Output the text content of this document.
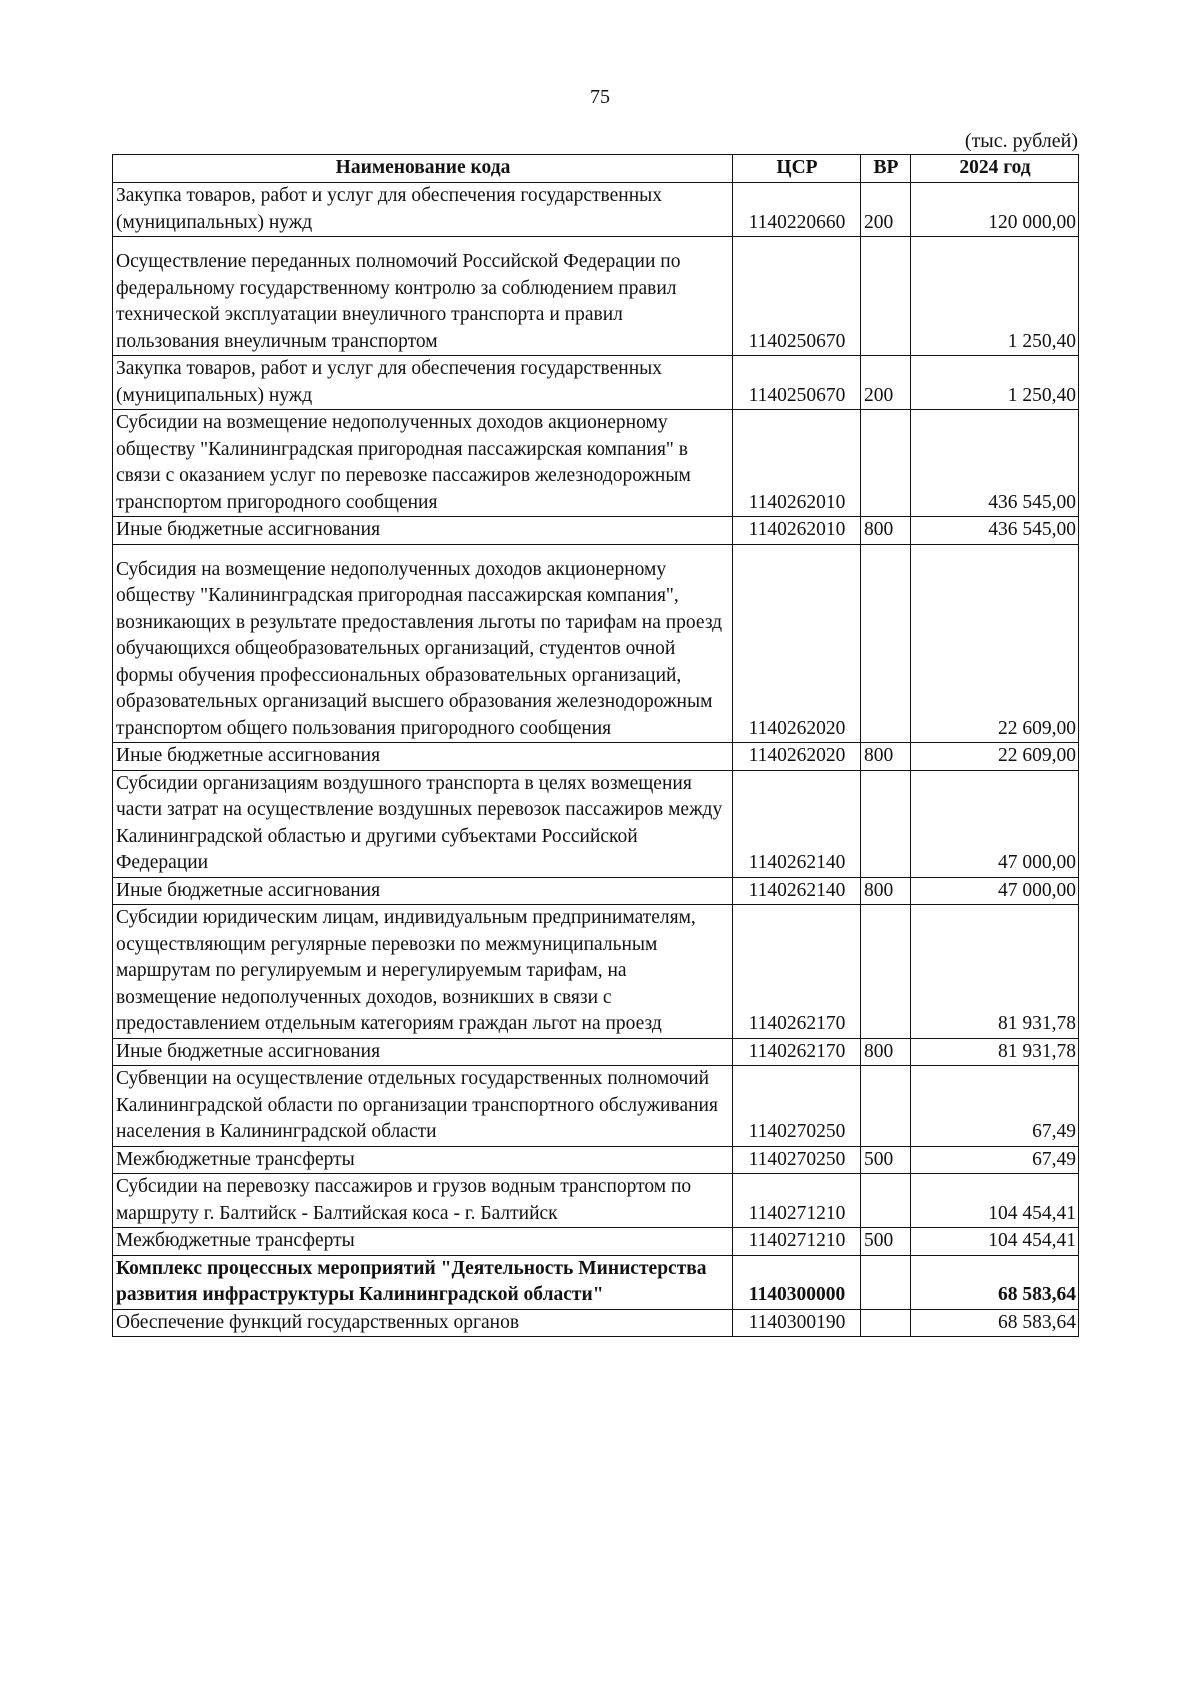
75
(тыс. рублей)
Наименование кода	ЦСР	ВР	2024 год
Закупка товаров, работ и услуг для обеспечения государственных (муниципальных) нужд	1140220660	200	120 000,00
Осуществление переданных полномочий Российской Федерации по федеральному государственному контролю за соблюдением правил технической эксплуатации внеуличного транспорта и правил пользования внеуличным транспортом	1140250670		1 250,40
Закупка товаров, работ и услуг для обеспечения государственных (муниципальных) нужд	1140250670	200	1 250,40
Субсидии на возмещение недополученных доходов акционерному обществу "Калининградская пригородная пассажирская компания" в связи с оказанием услуг по перевозке пассажиров железнодорожным транспортом пригородного сообщения	1140262010		436 545,00
Иные бюджетные ассигнования	1140262010	800	436 545,00
Субсидия на возмещение недополученных доходов акционерному обществу "Калининградская пригородная пассажирская компания", возникающих в результате предоставления льготы по тарифам на проезд обучающихся общеобразовательных организаций, студентов очной формы обучения профессиональных образовательных организаций, образовательных организаций высшего образования железнодорожным транспортом общего пользования пригородного сообщения	1140262020		22 609,00
Иные бюджетные ассигнования	1140262020	800	22 609,00
Субсидии организациям воздушного транспорта в целях возмещения части затрат на осуществление воздушных перевозок пассажиров между Калининградской областью и другими субъектами Российской Федерации	1140262140		47 000,00
Иные бюджетные ассигнования	1140262140	800	47 000,00
Субсидии юридическим лицам, индивидуальным предпринимателям, осуществляющим регулярные перевозки по межмуниципальным маршрутам по регулируемым и нерегулируемым тарифам, на возмещение недополученных доходов, возникших в связи с предоставлением отдельным категориям граждан льгот на проезд	1140262170		81 931,78
Иные бюджетные ассигнования	1140262170	800	81 931,78
Субвенции на осуществление отдельных государственных полномочий Калининградской области по организации транспортного обслуживания населения в Калининградской области	1140270250		67,49
Межбюджетные трансферты	1140270250	500	67,49
Субсидии на перевозку пассажиров и грузов водным транспортом по маршруту г. Балтийск - Балтийская коса - г. Балтийск	1140271210		104 454,41
Межбюджетные трансферты	1140271210	500	104 454,41
Комплекс процессных мероприятий "Деятельность Министерства развития инфраструктуры Калининградской области"	1140300000		68 583,64
Обеспечение функций государственных органов	1140300190		68 583,64
